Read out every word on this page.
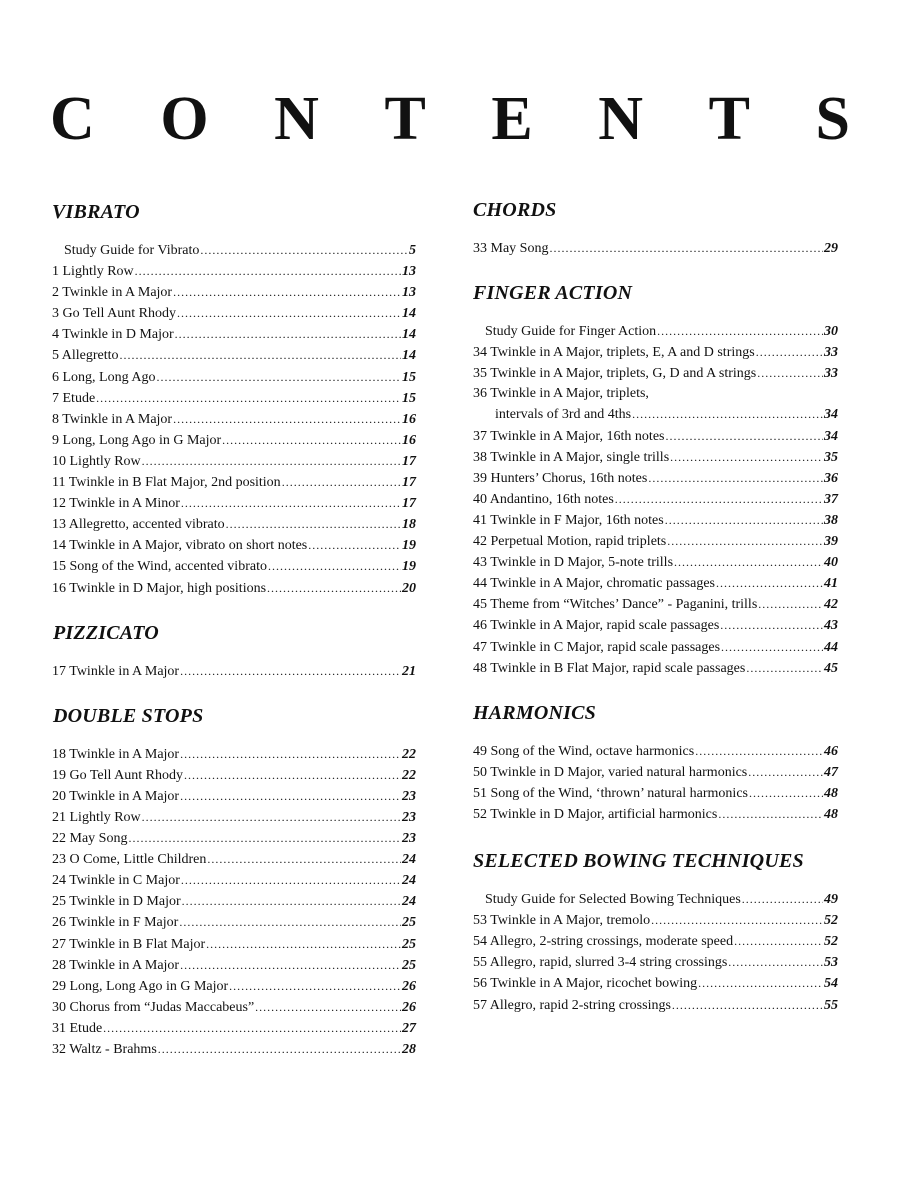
C O N T E N T S
VIBRATO
Study Guide for Vibrato .....	5
1 Lightly Row .....	13
2 Twinkle in A Major .....	13
3 Go Tell Aunt Rhody .....	14
4 Twinkle in D Major .....	14
5 Allegretto .....	14
6 Long, Long Ago .....	15
7 Etude .....	15
8 Twinkle in A Major .....	16
9 Long, Long Ago in G Major .....	16
10 Lightly Row .....	17
11 Twinkle in B Flat Major, 2nd position .....	17
12 Twinkle in A Minor .....	17
13 Allegretto, accented vibrato .....	18
14 Twinkle in A Major, vibrato on short notes .....	19
15 Song of the Wind, accented vibrato .....	19
16 Twinkle in D Major, high positions .....	20
PIZZICATO
17 Twinkle in A Major .....	21
DOUBLE STOPS
18 Twinkle in A Major .....	22
19 Go Tell Aunt Rhody .....	22
20 Twinkle in A Major .....	23
21 Lightly Row .....	23
22 May Song .....	23
23 O Come, Little Children .....	24
24 Twinkle in C Major .....	24
25 Twinkle in D Major .....	24
26 Twinkle in F Major .....	25
27 Twinkle in B Flat Major .....	25
28 Twinkle in A Major .....	25
29 Long, Long Ago in G Major .....	26
30 Chorus from “Judas Maccabeus” .....	26
31 Etude .....	27
32 Waltz - Brahms .....	28
CHORDS
33 May Song .....	29
FINGER ACTION
Study Guide for Finger Action .....	30
34 Twinkle in A Major, triplets, E, A and D strings .....	33
35 Twinkle in A Major, triplets, G, D and A strings .....	33
36 Twinkle in A Major, triplets,
intervals of 3rd and 4ths .....	34
37 Twinkle in A Major, 16th notes .....	34
38 Twinkle in A Major, single trills .....	35
39 Hunters’ Chorus, 16th notes .....	36
40 Andantino, 16th notes .....	37
41 Twinkle in F Major, 16th notes .....	38
42 Perpetual Motion, rapid triplets .....	39
43 Twinkle in D Major, 5-note trills .....	40
44 Twinkle in A Major, chromatic passages .....	41
45 Theme from “Witches’ Dance” - Paganini, trills .....	42
46 Twinkle in A Major, rapid scale passages .....	43
47 Twinkle in C Major, rapid scale passages .....	44
48 Twinkle in B Flat Major, rapid scale passages .....	45
HARMONICS
49 Song of the Wind, octave harmonics .....	46
50 Twinkle in D Major, varied natural harmonics .....	47
51 Song of the Wind, ‘thrown’ natural harmonics .....	48
52 Twinkle in D Major, artificial harmonics .....	48
SELECTED BOWING TECHNIQUES
Study Guide for Selected Bowing Techniques .....	49
53 Twinkle in A Major, tremolo .....	52
54 Allegro, 2-string crossings, moderate speed .....	52
55 Allegro, rapid, slurred 3-4 string crossings .....	53
56 Twinkle in A Major, ricochet bowing .....	54
57 Allegro, rapid 2-string crossings .....	55
